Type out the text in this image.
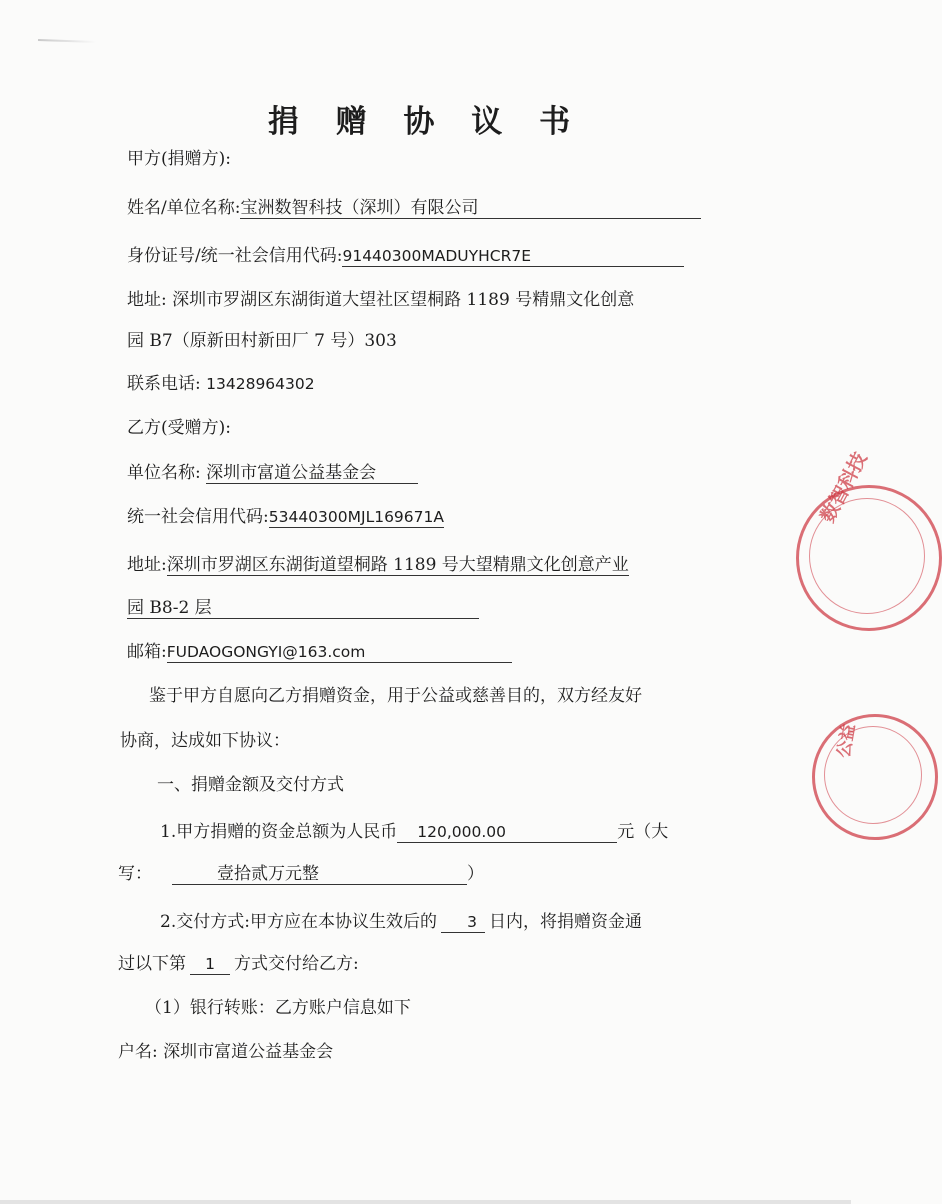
捐 赠 协 议 书
甲方(捐赠方):
姓名/单位名称:宝洲数智科技（深圳）有限公司
身份证号/统一社会信用代码:91440300MADUYHCR7E
地址: 深圳市罗湖区东湖街道大望社区望桐路 1189 号精鼎文化创意
园 B7（原新田村新田厂 7 号）303
联系电话: 13428964302
乙方(受赠方):
单位名称: 深圳市富道公益基金会
统一社会信用代码:53440300MJL169671A
地址:深圳市罗湖区东湖街道望桐路 1189 号大望精鼎文化创意产业
园 B8-2 层
邮箱:FUDAOGONGYI@163.com
鉴于甲方自愿向乙方捐赠资金，用于公益或慈善目的，双方经友好
协商，达成如下协议：
一、捐赠金额及交付方式
1.甲方捐赠的资金总额为人民币 120,000.00	元（大
写：	壹拾贰万元整	）
2.交付方式:甲方应在本协议生效后的 3 日内，将捐赠资金通
过以下第 1 方式交付给乙方:
（1）银行转账：乙方账户信息如下
户名: 深圳市富道公益基金会
数智科技
公益
